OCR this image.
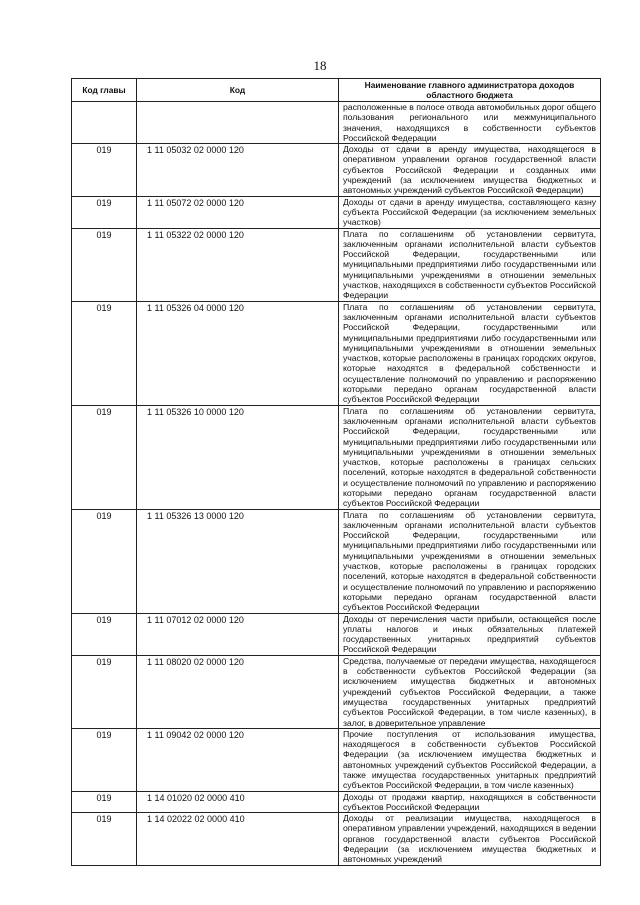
18
Код главы	Код	Наименование главного администратора доходов областного бюджета
		расположенные в полосе отвода автомобильных дорог общего пользования регионального или межмуниципального значения, находящихся в собственности субъектов Российской Федерации
019	1 11 05032 02 0000 120	Доходы от сдачи в аренду имущества, находящегося в оперативном управлении органов государственной власти субъектов Российской Федерации и созданных ими учреждений (за исключением имущества бюджетных и автономных учреждений субъектов Российской Федерации)
019	1 11 05072 02 0000 120	Доходы от сдачи в аренду имущества, составляющего казну субъекта Российской Федерации (за исключением земельных участков)
019	1 11 05322 02 0000 120	Плата по соглашениям об установлении сервитута, заключенным органами исполнительной власти субъектов Российской Федерации, государственными или муниципальными предприятиями либо государственными или муниципальными учреждениями в отношении земельных участков, находящихся в собственности субъектов Российской Федерации
019	1 11 05326 04 0000 120	Плата по соглашениям об установлении сервитута, заключенным органами исполнительной власти субъектов Российской Федерации, государственными или муниципальными предприятиями либо государственными или муниципальными учреждениями в отношении земельных участков, которые расположены в границах городских округов, которые находятся в федеральной собственности и осуществление полномочий по управлению и распоряжению которыми передано органам государственной власти субъектов Российской Федерации
019	1 11 05326 10 0000 120	Плата по соглашениям об установлении сервитута, заключенным органами исполнительной власти субъектов Российской Федерации, государственными или муниципальными предприятиями либо государственными или муниципальными учреждениями в отношении земельных участков, которые расположены в границах сельских поселений, которые находятся в федеральной собственности и осуществление полномочий по управлению и распоряжению которыми передано органам государственной власти субъектов Российской Федерации
019	1 11 05326 13 0000 120	Плата по соглашениям об установлении сервитута, заключенным органами исполнительной власти субъектов Российской Федерации, государственными или муниципальными предприятиями либо государственными или муниципальными учреждениями в отношении земельных участков, которые расположены в границах городских поселений, которые находятся в федеральной собственности и осуществление полномочий по управлению и распоряжению которыми передано органам государственной власти субъектов Российской Федерации
019	1 11 07012 02 0000 120	Доходы от перечисления части прибыли, остающейся после уплаты налогов и иных обязательных платежей государственных унитарных предприятий субъектов Российской Федерации
019	1 11 08020 02 0000 120	Средства, получаемые от передачи имущества, находящегося в собственности субъектов Российской Федерации (за исключением имущества бюджетных и автономных учреждений субъектов Российской Федерации, а также имущества государственных унитарных предприятий субъектов Российской Федерации, в том числе казенных), в залог, в доверительное управление
019	1 11 09042 02 0000 120	Прочие поступления от использования имущества, находящегося в собственности субъектов Российской Федерации (за исключением имущества бюджетных и автономных учреждений субъектов Российской Федерации, а также имущества государственных унитарных предприятий субъектов Российской Федерации, в том числе казенных)
019	1 14 01020 02 0000 410	Доходы от продажи квартир, находящихся в собственности субъектов Российской Федерации
019	1 14 02022 02 0000 410	Доходы от реализации имущества, находящегося в оперативном управлении учреждений, находящихся в ведении органов государственной власти субъектов Российской Федерации (за исключением имущества бюджетных и автономных учреждений
